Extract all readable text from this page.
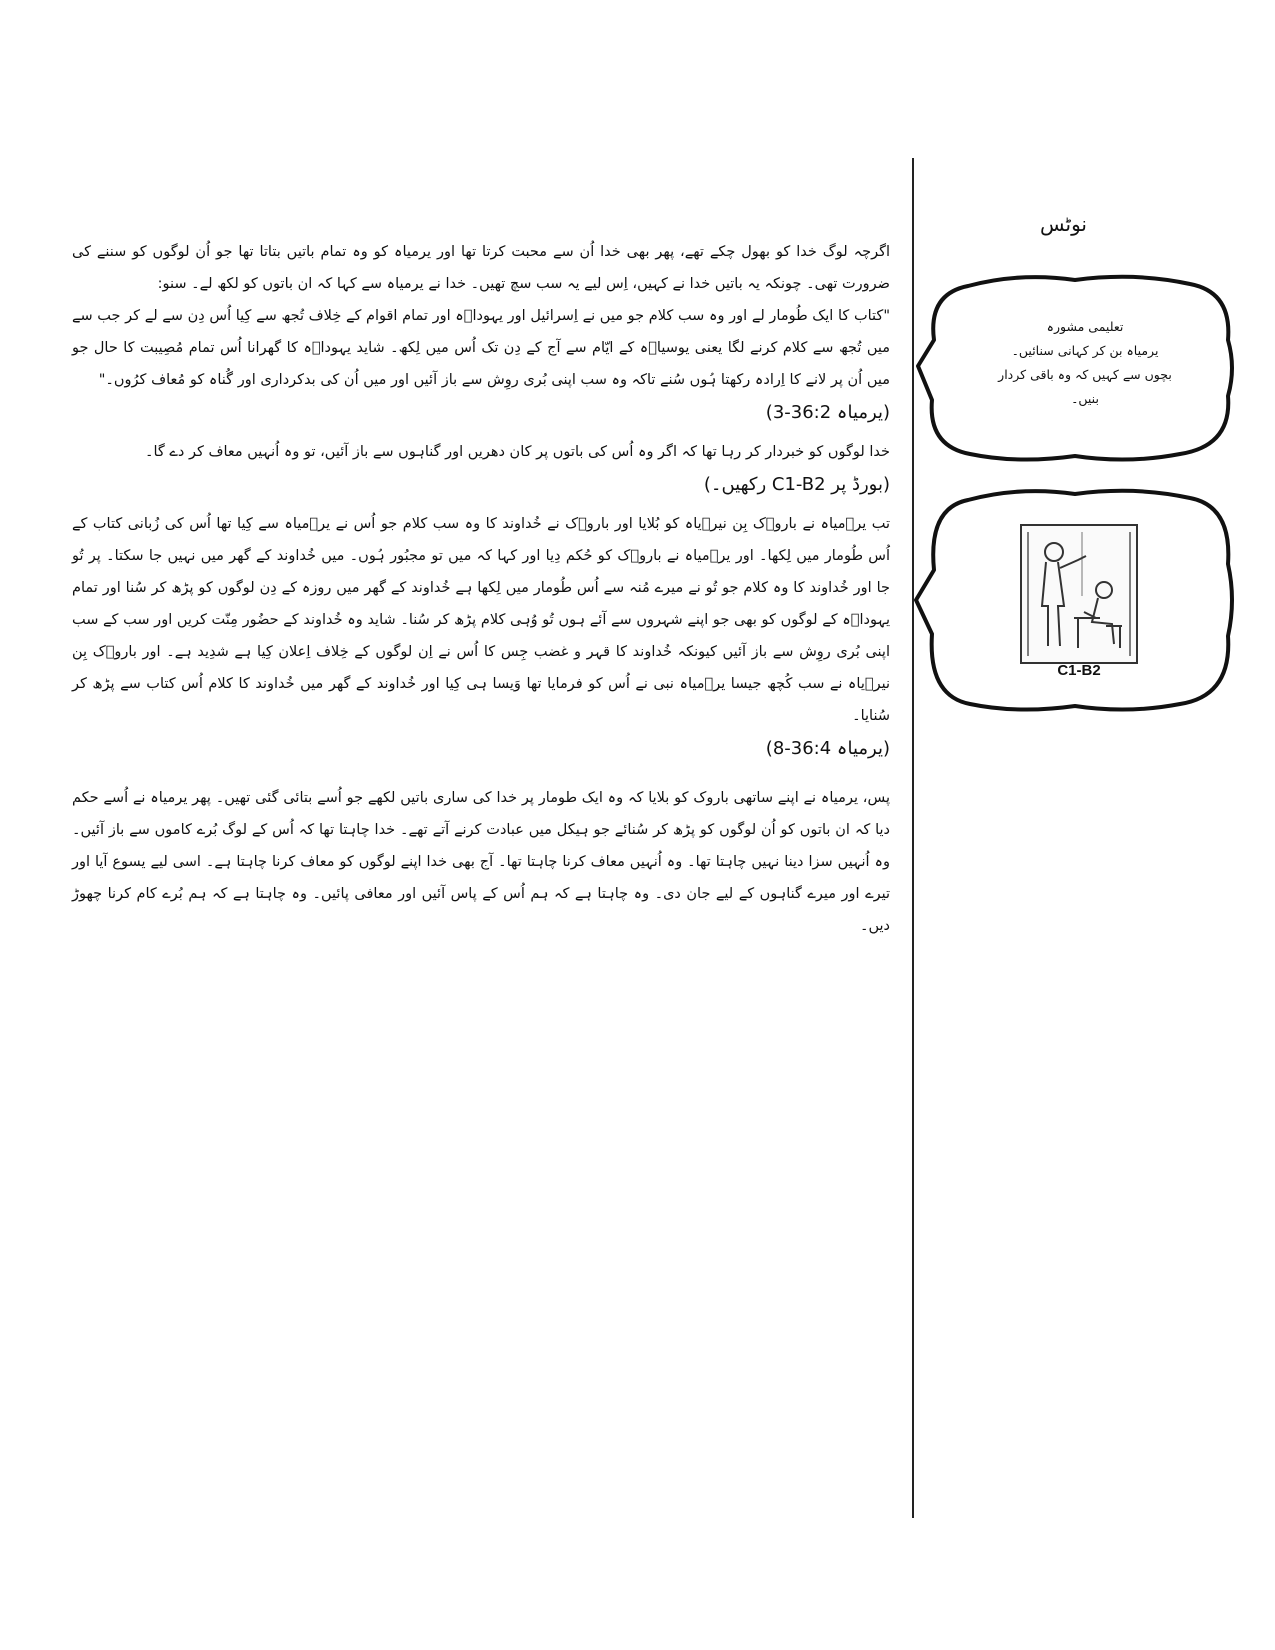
اگرچہ لوگ خدا کو بھول چکے تھے، پھر بھی خدا اُن سے محبت کرتا تھا اور یرمیاہ کو وہ تمام باتیں بتاتا تھا جو اُن لوگوں کو سننے کی ضرورت تھی۔ چونکہ یہ باتیں خدا نے کہیں، اِس لیے یہ سب سچ تھیں۔ خدا نے یرمیاہ سے کہا کہ ان باتوں کو لکھ لے۔ سنو:

"کتاب کا ایک طُومار لے اور وہ سب کلام جو میں نے اِسرائیل اور یہوداؔہ اور تمام اقوام کے خِلاف تُجھ سے کِیا اُس دِن سے لے کر جب سے میں تُجھ سے کلام کرنے لگا یعنی یوسیاؔہ کے ایّام سے آج کے دِن تک اُس میں لِکھ۔ شاید یہوداؔہ کا گھرانا اُس تمام مُصِیبت کا حال جو میں اُن پر لانے کا اِرادہ رکھتا ہُوں سُنے تاکہ وہ سب اپنی بُری روِش سے باز آئیں اور میں اُن کی بدکرداری اور گُناہ کو مُعاف کرُوں۔"

(یرمیاہ 36:2-3)

خدا لوگوں کو خبردار کر رہا تھا کہ اگر وہ اُس کی باتوں پر کان دھریں اور گناہوں سے باز آئیں، تو وہ اُنہیں معاف کر دے گا۔

(بورڈ پر C1-B2 رکھیں۔)

تب یرؔمیاہ نے باروؔک بِن نیرؔیاہ کو بُلایا اور باروؔک نے خُداوند کا وہ سب کلام جو اُس نے یرؔمیاہ سے کِیا تھا اُس کی زُبانی کتاب کے اُس طُومار میں لِکھا۔ اور یرؔمیاہ نے باروؔک کو حُکم دِیا اور کہا کہ میں تو مجبُور ہُوں۔ میں خُداوند کے گھر میں نہیں جا سکتا۔ پر تُو جا اور خُداوند کا وہ کلام جو تُو نے میرے مُنہ سے اُس طُومار میں لِکھا ہے خُداوند کے گھر میں روزہ کے دِن لوگوں کو پڑھ کر سُنا اور تمام یہوداؔہ کے لوگوں کو بھی جو اپنے شہروں سے آئے ہوں تُو وُہی کلام پڑھ کر سُنا۔ شاید وہ خُداوند کے حضُور مِنّت کریں اور سب کے سب اپنی بُری روِش سے باز آئیں کیونکہ خُداوند کا قہر و غضب جِس کا اُس نے اِن لوگوں کے خِلاف اِعلان کِیا ہے شدِید ہے۔ اور باروؔک بِن نیرؔیاہ نے سب کُچھ جیسا یرؔمیاہ نبی نے اُس کو فرمایا تھا وَیسا ہی کِیا اور خُداوند کے گھر میں خُداوند کا کلام اُس کتاب سے پڑھ کر سُنایا۔

(یرمیاہ 36:4-8)

پس، یرمیاہ نے اپنے ساتھی باروک کو بلایا کہ وہ ایک طومار پر خدا کی ساری باتیں لکھے جو اُسے بتائی گئی تھیں۔ پھر یرمیاہ نے اُسے حکم دیا کہ ان باتوں کو اُن لوگوں کو پڑھ کر سُنائے جو ہیکل میں عبادت کرنے آتے تھے۔ خدا چاہتا تھا کہ اُس کے لوگ بُرے کاموں سے باز آئیں۔ وہ اُنہیں سزا دینا نہیں چاہتا تھا۔ وہ اُنہیں معاف کرنا چاہتا تھا۔ آج بھی خدا اپنے لوگوں کو معاف کرنا چاہتا ہے۔ اسی لیے یسوع آیا اور تیرے اور میرے گناہوں کے لیے جان دی۔ وہ چاہتا ہے کہ ہم اُس کے پاس آئیں اور معافی پائیں۔ وہ چاہتا ہے کہ ہم بُرے کام کرنا چھوڑ دیں۔

نوٹس
تعلیمی مشورہ
یرمیاہ بن کر کہانی سنائیں۔
بچوں سے کہیں کہ وہ باقی کردار بنیں۔
C1-B2
